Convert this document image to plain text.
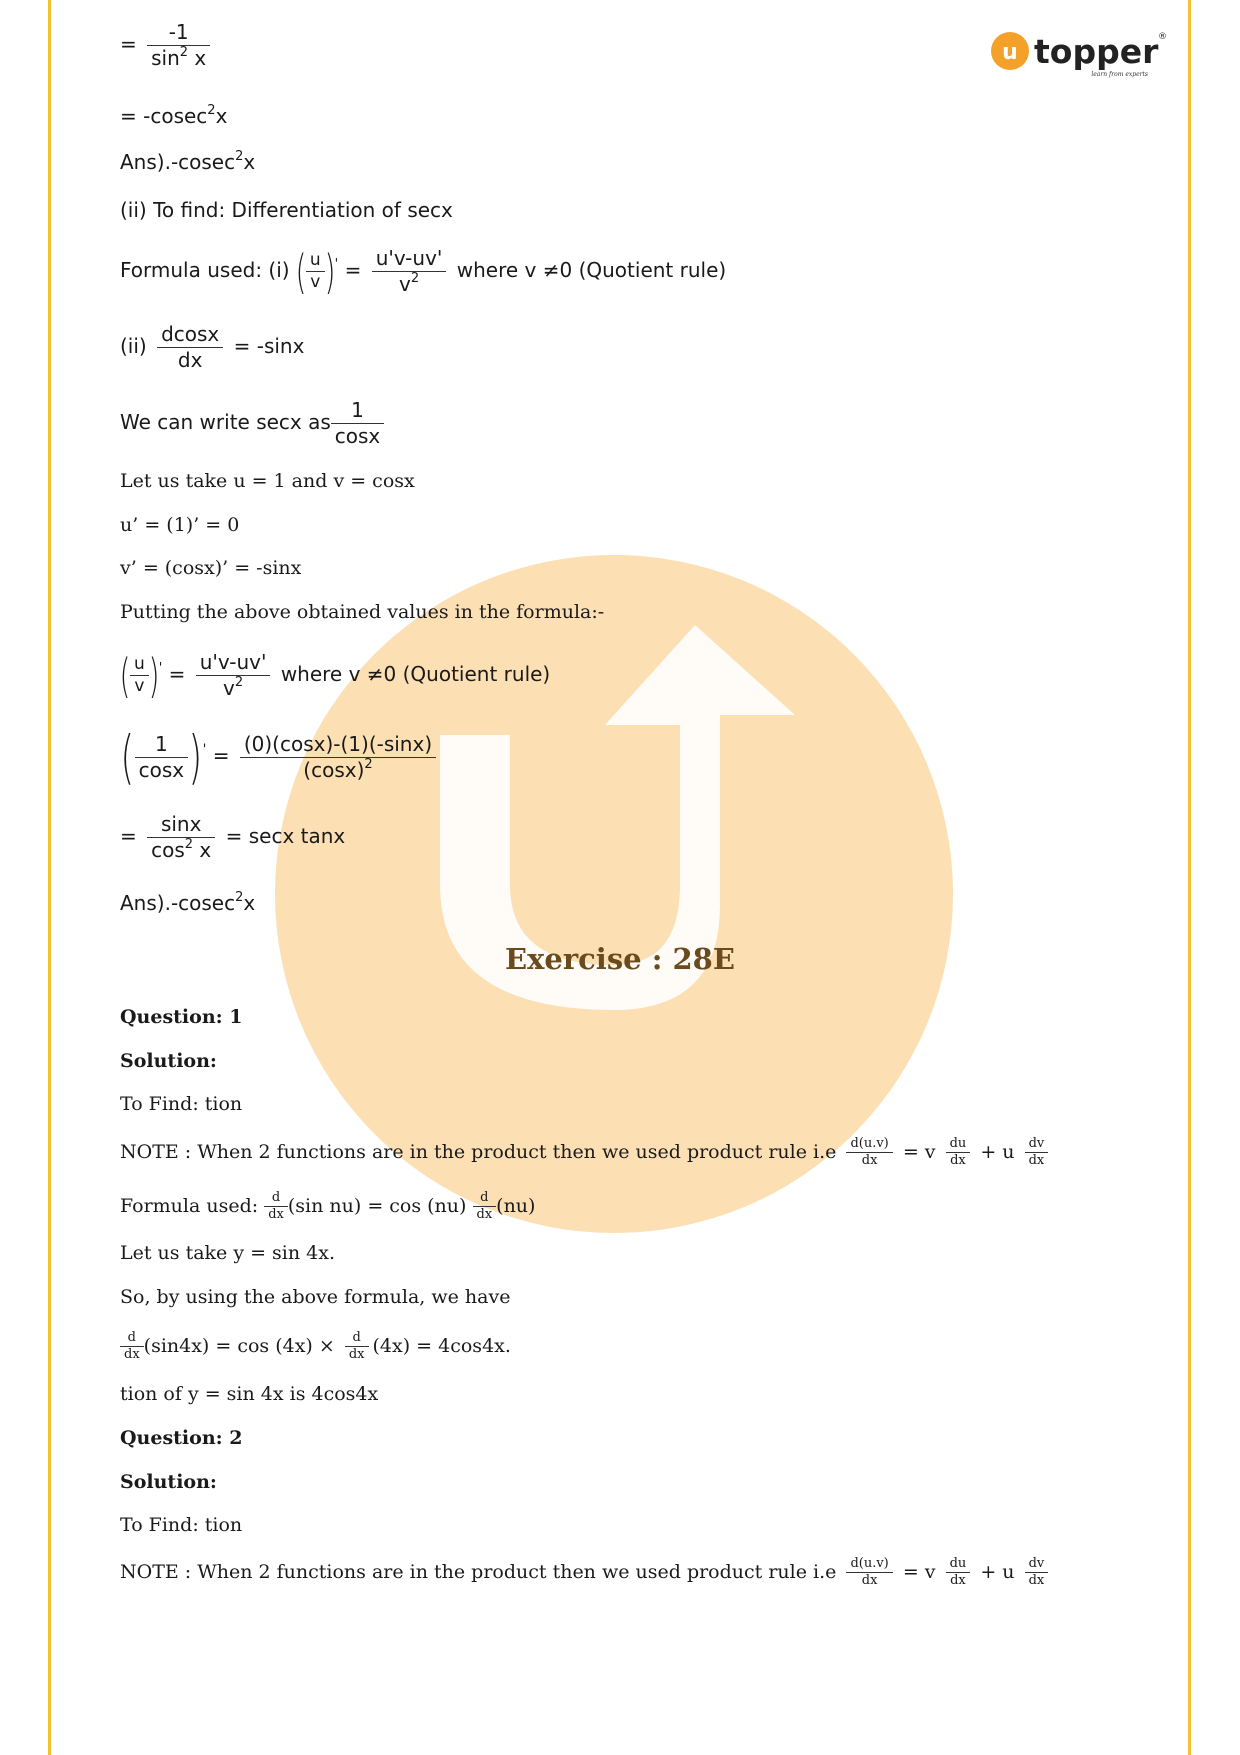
u topper ®
learn from experts
= $\frac{-1}{\sin^2 x}$
= -cosec$^2$x
Ans).-cosec$^2$x
(ii) To find: Differentiation of secx
Formula used: (i) ( $\frac{u}{v} )' = \frac{u'v-uv'}{v^2}$ where v ≠0 (Quotient rule)
$(ii) \frac{dcosx}{dx} = -\sin x$
We can write secx as $\frac{1}{\cos x}$
Let us take u = 1 and v = cosx
u’ = (1)’ = 0
v’ = (cosx)’ = -sinx
Putting the above obtained values in the formula:-
( $\frac{u}{v} )' = \frac{u'v-uv'}{v^2}$ where v ≠0 (Quotient rule)
( $\frac{1}{\cos x} )' = \frac{(0)(\cos x)-(1)(-\sin x)}{(\cos x)^2}$
= $\frac{\sin x}{\cos^2 x} = \sec x$ tanx
Ans).-cosec$^2$x
Exercise : 28E
Question: 1
Solution:
To Find: tion
NOTE : When 2 functions are in the product then we used product rule $i.e \frac{d(u.v)}{dx} = v \frac{du}{dx} + u \frac{dv}{dx}$
Formula used: $\frac{d}{dx} (\sin$ $nu) = \cos (nu) \frac{d}{dx} (nu)$
Let us take y = sin 4x.
So, by using the above formula, we have
$\frac{d}{dx} (\sin 4x) = \cos (4x) \times \frac{d}{dx} (4x) = 4\cos 4x$.
tion of y = sin 4x is 4cos4x
Question: 2
Solution:
To Find: tion
NOTE : When 2 functions are in the product then we used product rule $i.e \frac{d(u.v)}{dx} = v \frac{du}{dx} + u \frac{dv}{dx}$
